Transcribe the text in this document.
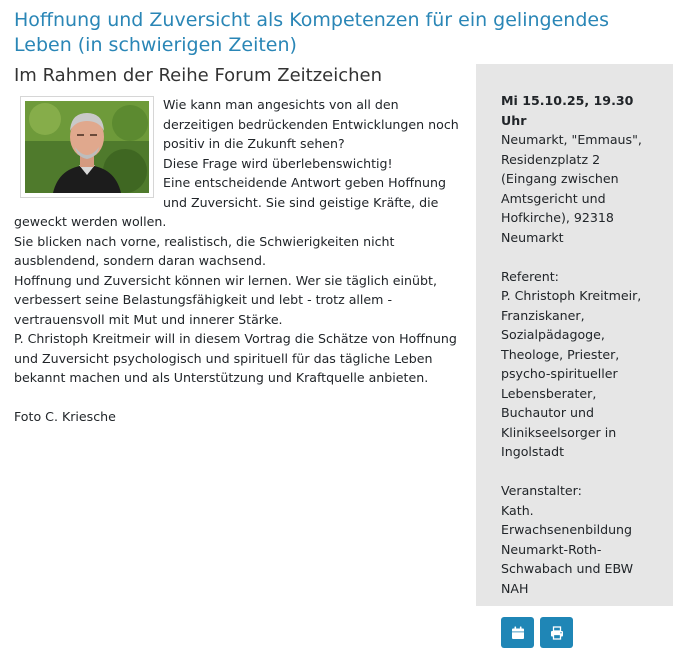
Hoffnung und Zuversicht als Kompetenzen für ein gelingendes Leben (in schwierigen Zeiten)
Im Rahmen der Reihe Forum Zeitzeichen

Wie kann man angesichts von all den derzeitigen bedrückenden Entwicklungen noch positiv in die Zukunft sehen?

Diese Frage wird überlebenswichtig!

Eine entscheidende Antwort geben Hoffnung und Zuversicht. Sie sind geistige Kräfte, die geweckt werden wollen.

Sie blicken nach vorne, realistisch, die Schwierigkeiten nicht ausblendend, sondern daran wachsend.

Hoffnung und Zuversicht können wir lernen. Wer sie täglich einübt, verbessert seine Belastungsfähigkeit und lebt - trotz allem - vertrauensvoll mit Mut und innerer Stärke.

P. Christoph Kreitmeir will in diesem Vortrag die Schätze von Hoffnung und Zuversicht psychologisch und spirituell für das tägliche Leben bekannt machen und als Unterstützung und Kraftquelle anbieten.

Foto C. Kriesche

Mi 15.10.25, 19.30 Uhr

Neumarkt, "Emmaus", Residenzplatz 2 (Eingang zwischen Amtsgericht und Hofkirche), 92318 Neumarkt

Referent:

P. Christoph Kreitmeir, Franziskaner, Sozialpädagoge, Theologe, Priester, psycho-spiritueller Lebensberater, Buchautor und Klinikseelsorger in Ingolstadt

Veranstalter:

Kath. Erwachsenenbildung Neumarkt-Roth-Schwabach und EBW NAH
